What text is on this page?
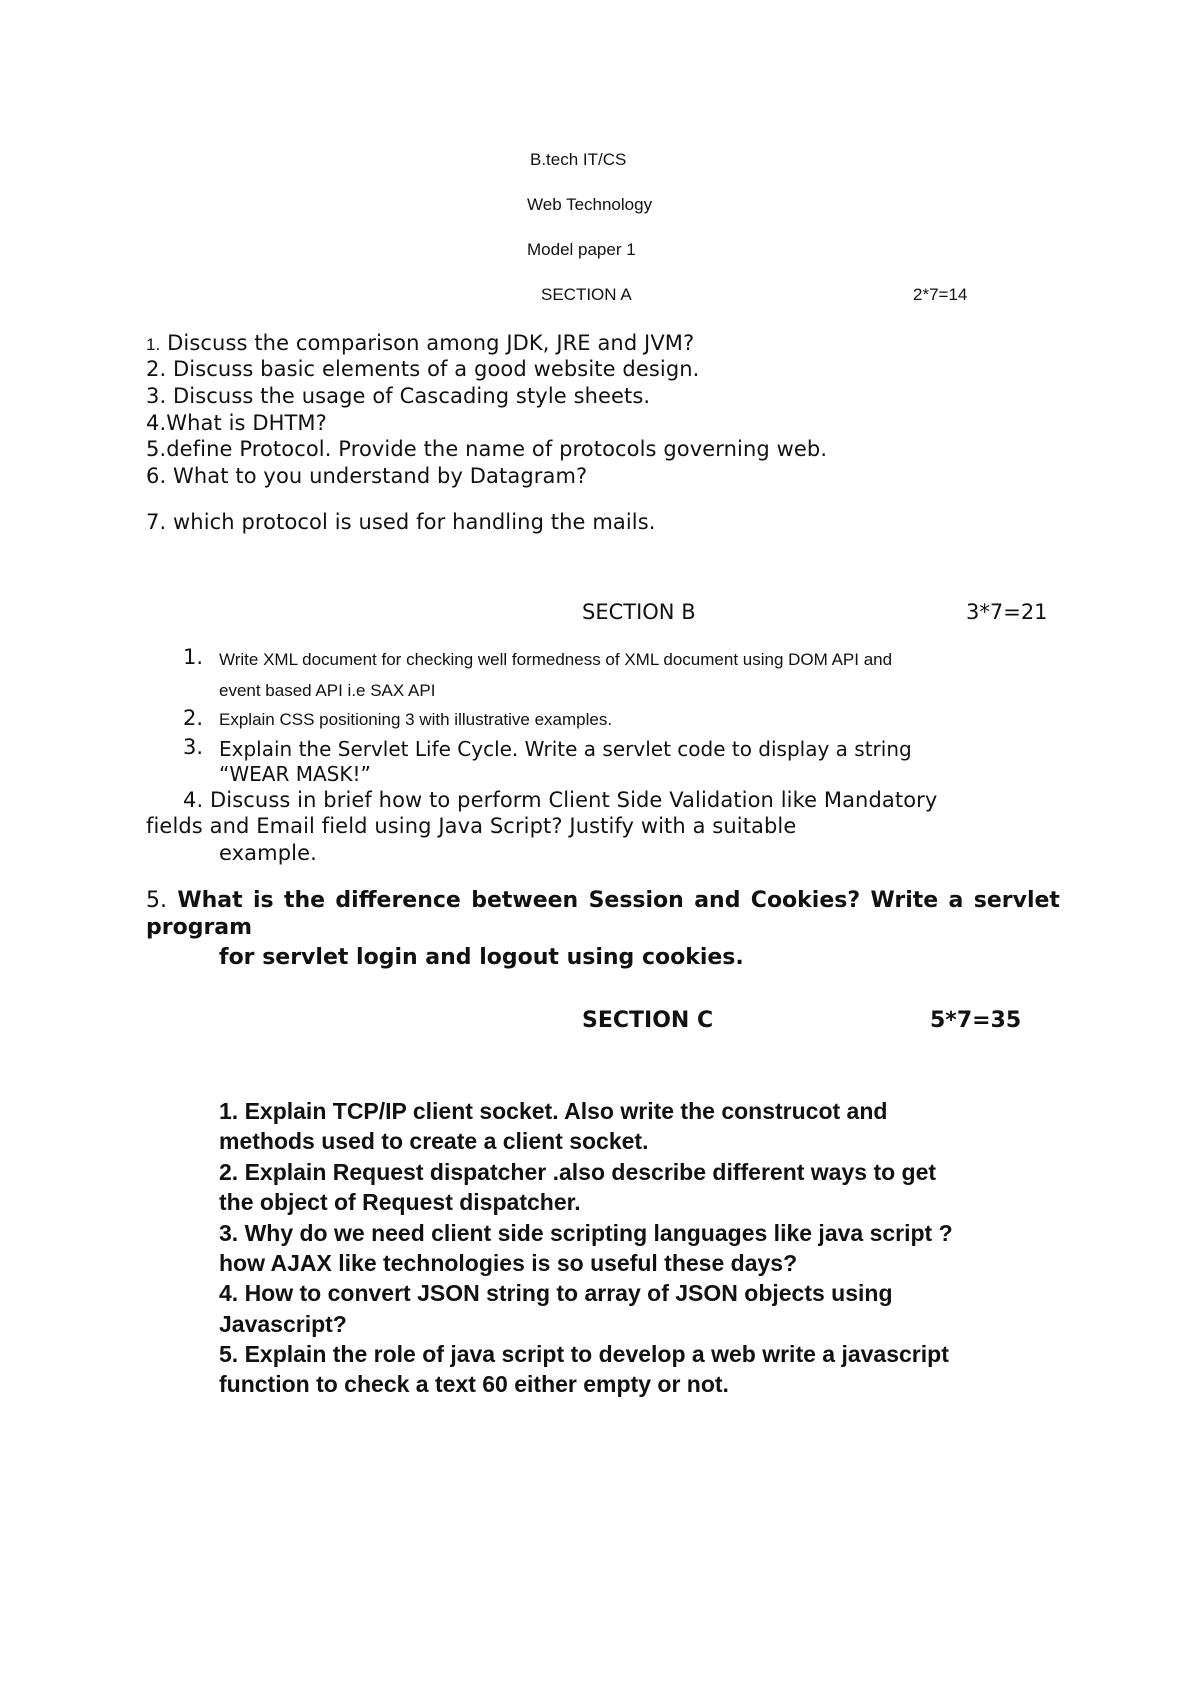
B.tech IT/CS
Web Technology
Model paper 1
SECTION A	2*7=14
1. Discuss the comparison among JDK, JRE and JVM?
2. Discuss basic elements of a good website design.
3. Discuss the usage of Cascading style sheets.
4.What is DHTM?
5.define Protocol. Provide the name of protocols governing web.
6. What to you understand by Datagram?
7. which protocol is used for handling the mails.
SECTION B	3*7=21
1. Write XML document for checking well formedness of XML document using DOM API and
event based API i.e SAX API
2. Explain CSS positioning 3 with illustrative examples.
3. Explain the Servlet Life Cycle. Write a servlet code to display a string
“WEAR MASK!”
4. Discuss in brief how to perform Client Side Validation like Mandatory
fields and Email field using Java Script? Justify with a suitable
example.
5. What is the difference between Session and Cookies? Write a servlet
program
for servlet login and logout using cookies.
SECTION C	5*7=35
1. Explain TCP/IP client socket. Also write the construcot and
methods used to create a client socket.
2. Explain Request dispatcher .also describe different ways to get
the object of Request dispatcher.
3. Why do we need client side scripting languages like java script ?
how AJAX like technologies is so useful these days?
4. How to convert JSON string to array of JSON objects using
Javascript?
5. Explain the role of java script to develop a web write a javascript
function to check a text 60 either empty or not.
